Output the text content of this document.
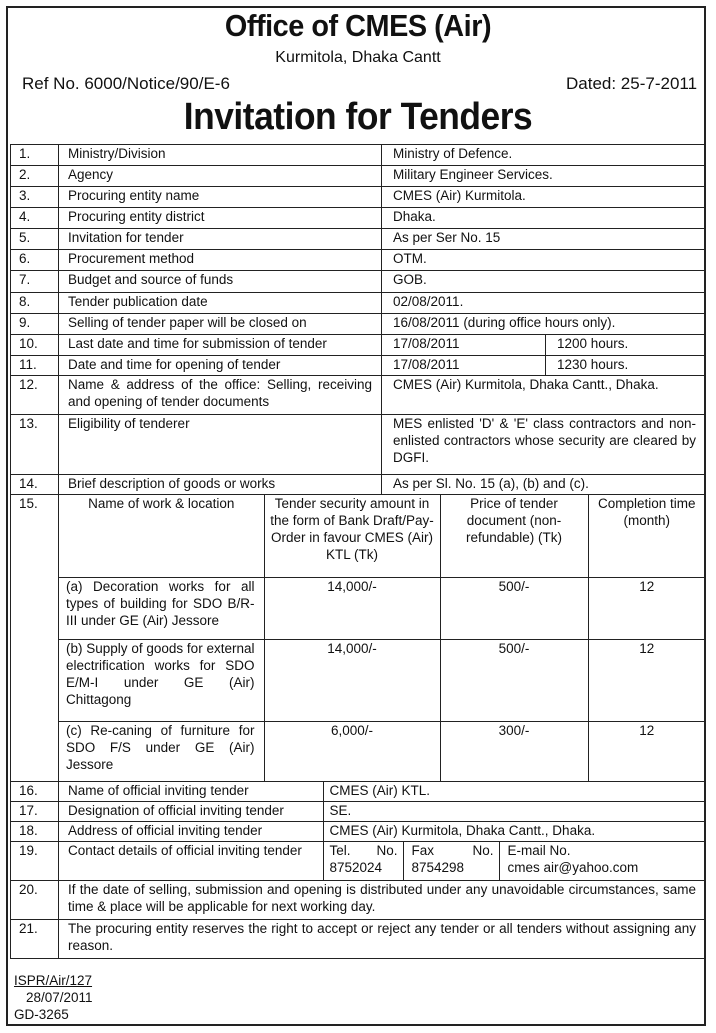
Office of CMES (Air)
Kurmitola, Dhaka Cantt
Ref No. 6000/Notice/90/E-6	Dated: 25-7-2011
Invitation for Tenders
1.	Ministry/Division	Ministry of Defence.
2.	Agency	Military Engineer Services.
3.	Procuring entity name	CMES (Air) Kurmitola.
4.	Procuring entity district	Dhaka.
5.	Invitation for tender	As per Ser No. 15
6.	Procurement method	OTM.
7.	Budget and source of funds	GOB.
8.	Tender publication date	02/08/2011.
9.	Selling of tender paper will be closed on	16/08/2011 (during office hours only).
10.	Last date and time for submission of tender	17/08/2011	1200 hours.
11.	Date and time for opening of tender	17/08/2011	1230 hours.
12.	Name & address of the office: Selling, receiving and opening of tender documents	CMES (Air) Kurmitola, Dhaka Cantt., Dhaka.
13.	Eligibility of tenderer	MES enlisted 'D' & 'E' class contractors and non-enlisted contractors whose security are cleared by DGFI.
14.	Brief description of goods or works	As per Sl. No. 15 (a), (b) and (c).
15.		Name of work & location	Tender security amount in the form of Bank Draft/Pay-Order in favour CMES (Air) KTL (Tk)	Price of tender document (non-refundable) (Tk)	Completion time (month)
(a) Decoration works for all types of building for SDO B/R-III under GE (Air) Jessore	14,000/-	500/-	12
(b) Supply of goods for external electrification works for SDO E/M-I under GE (Air) Chittagong	14,000/-	500/-	12
(c) Re-caning of furniture for SDO F/S under GE (Air) Jessore	6,000/-	300/-	12

16.	Name of official inviting tender	CMES (Air) KTL.

17.	Designation of official inviting tender	SE.

18.	Address of official inviting tender	CMES (Air) Kurmitola, Dhaka Cantt., Dhaka.

19.	Contact details of official inviting tender	Tel. No.
8752024

Fax No.
8754298

E-mail No.
cmes air@yahoo.com

20.	If the date of selling, submission and opening is distributed under any unavoidable circumstances, same time & place will be applicable for next working day.
21.	The procuring entity reserves the right to accept or reject any tender or all tenders without assigning any reason.
ISPR/Air/127
28/07/2011
GD-3265
